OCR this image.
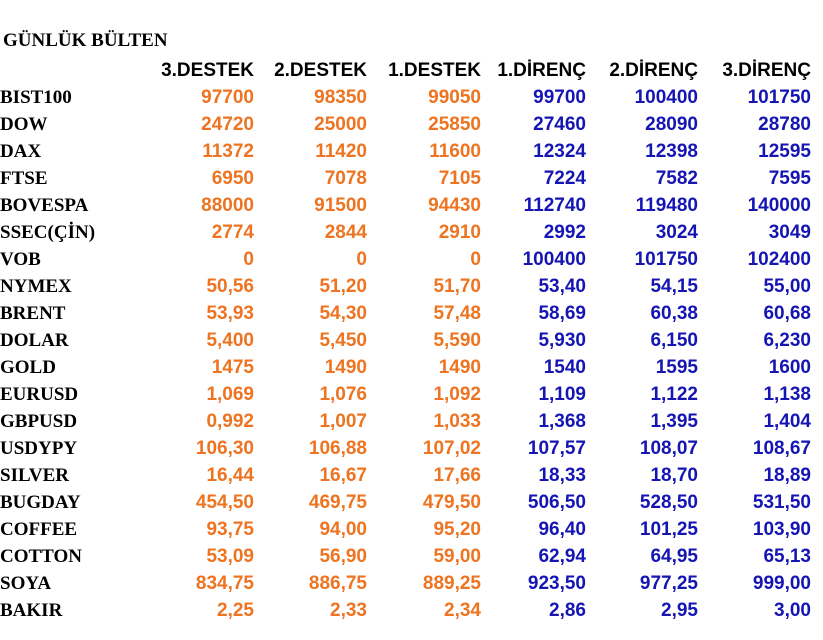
GÜNLÜK BÜLTEN
	3.DESTEK	2.DESTEK	1.DESTEK	1.DİRENÇ	2.DİRENÇ	3.DİRENÇ
BIST100	97700	98350	99050	99700	100400	101750
DOW	24720	25000	25850	27460	28090	28780
DAX	11372	11420	11600	12324	12398	12595
FTSE	6950	7078	7105	7224	7582	7595
BOVESPA	88000	91500	94430	112740	119480	140000
SSEC(ÇİN)	2774	2844	2910	2992	3024	3049
VOB	0	0	0	100400	101750	102400
NYMEX	50,56	51,20	51,70	53,40	54,15	55,00
BRENT	53,93	54,30	57,48	58,69	60,38	60,68
DOLAR	5,400	5,450	5,590	5,930	6,150	6,230
GOLD	1475	1490	1490	1540	1595	1600
EURUSD	1,069	1,076	1,092	1,109	1,122	1,138
GBPUSD	0,992	1,007	1,033	1,368	1,395	1,404
USDYPY	106,30	106,88	107,02	107,57	108,07	108,67
SILVER	16,44	16,67	17,66	18,33	18,70	18,89
BUGDAY	454,50	469,75	479,50	506,50	528,50	531,50
COFFEE	93,75	94,00	95,20	96,40	101,25	103,90
COTTON	53,09	56,90	59,00	62,94	64,95	65,13
SOYA	834,75	886,75	889,25	923,50	977,25	999,00
BAKIR	2,25	2,33	2,34	2,86	2,95	3,00
